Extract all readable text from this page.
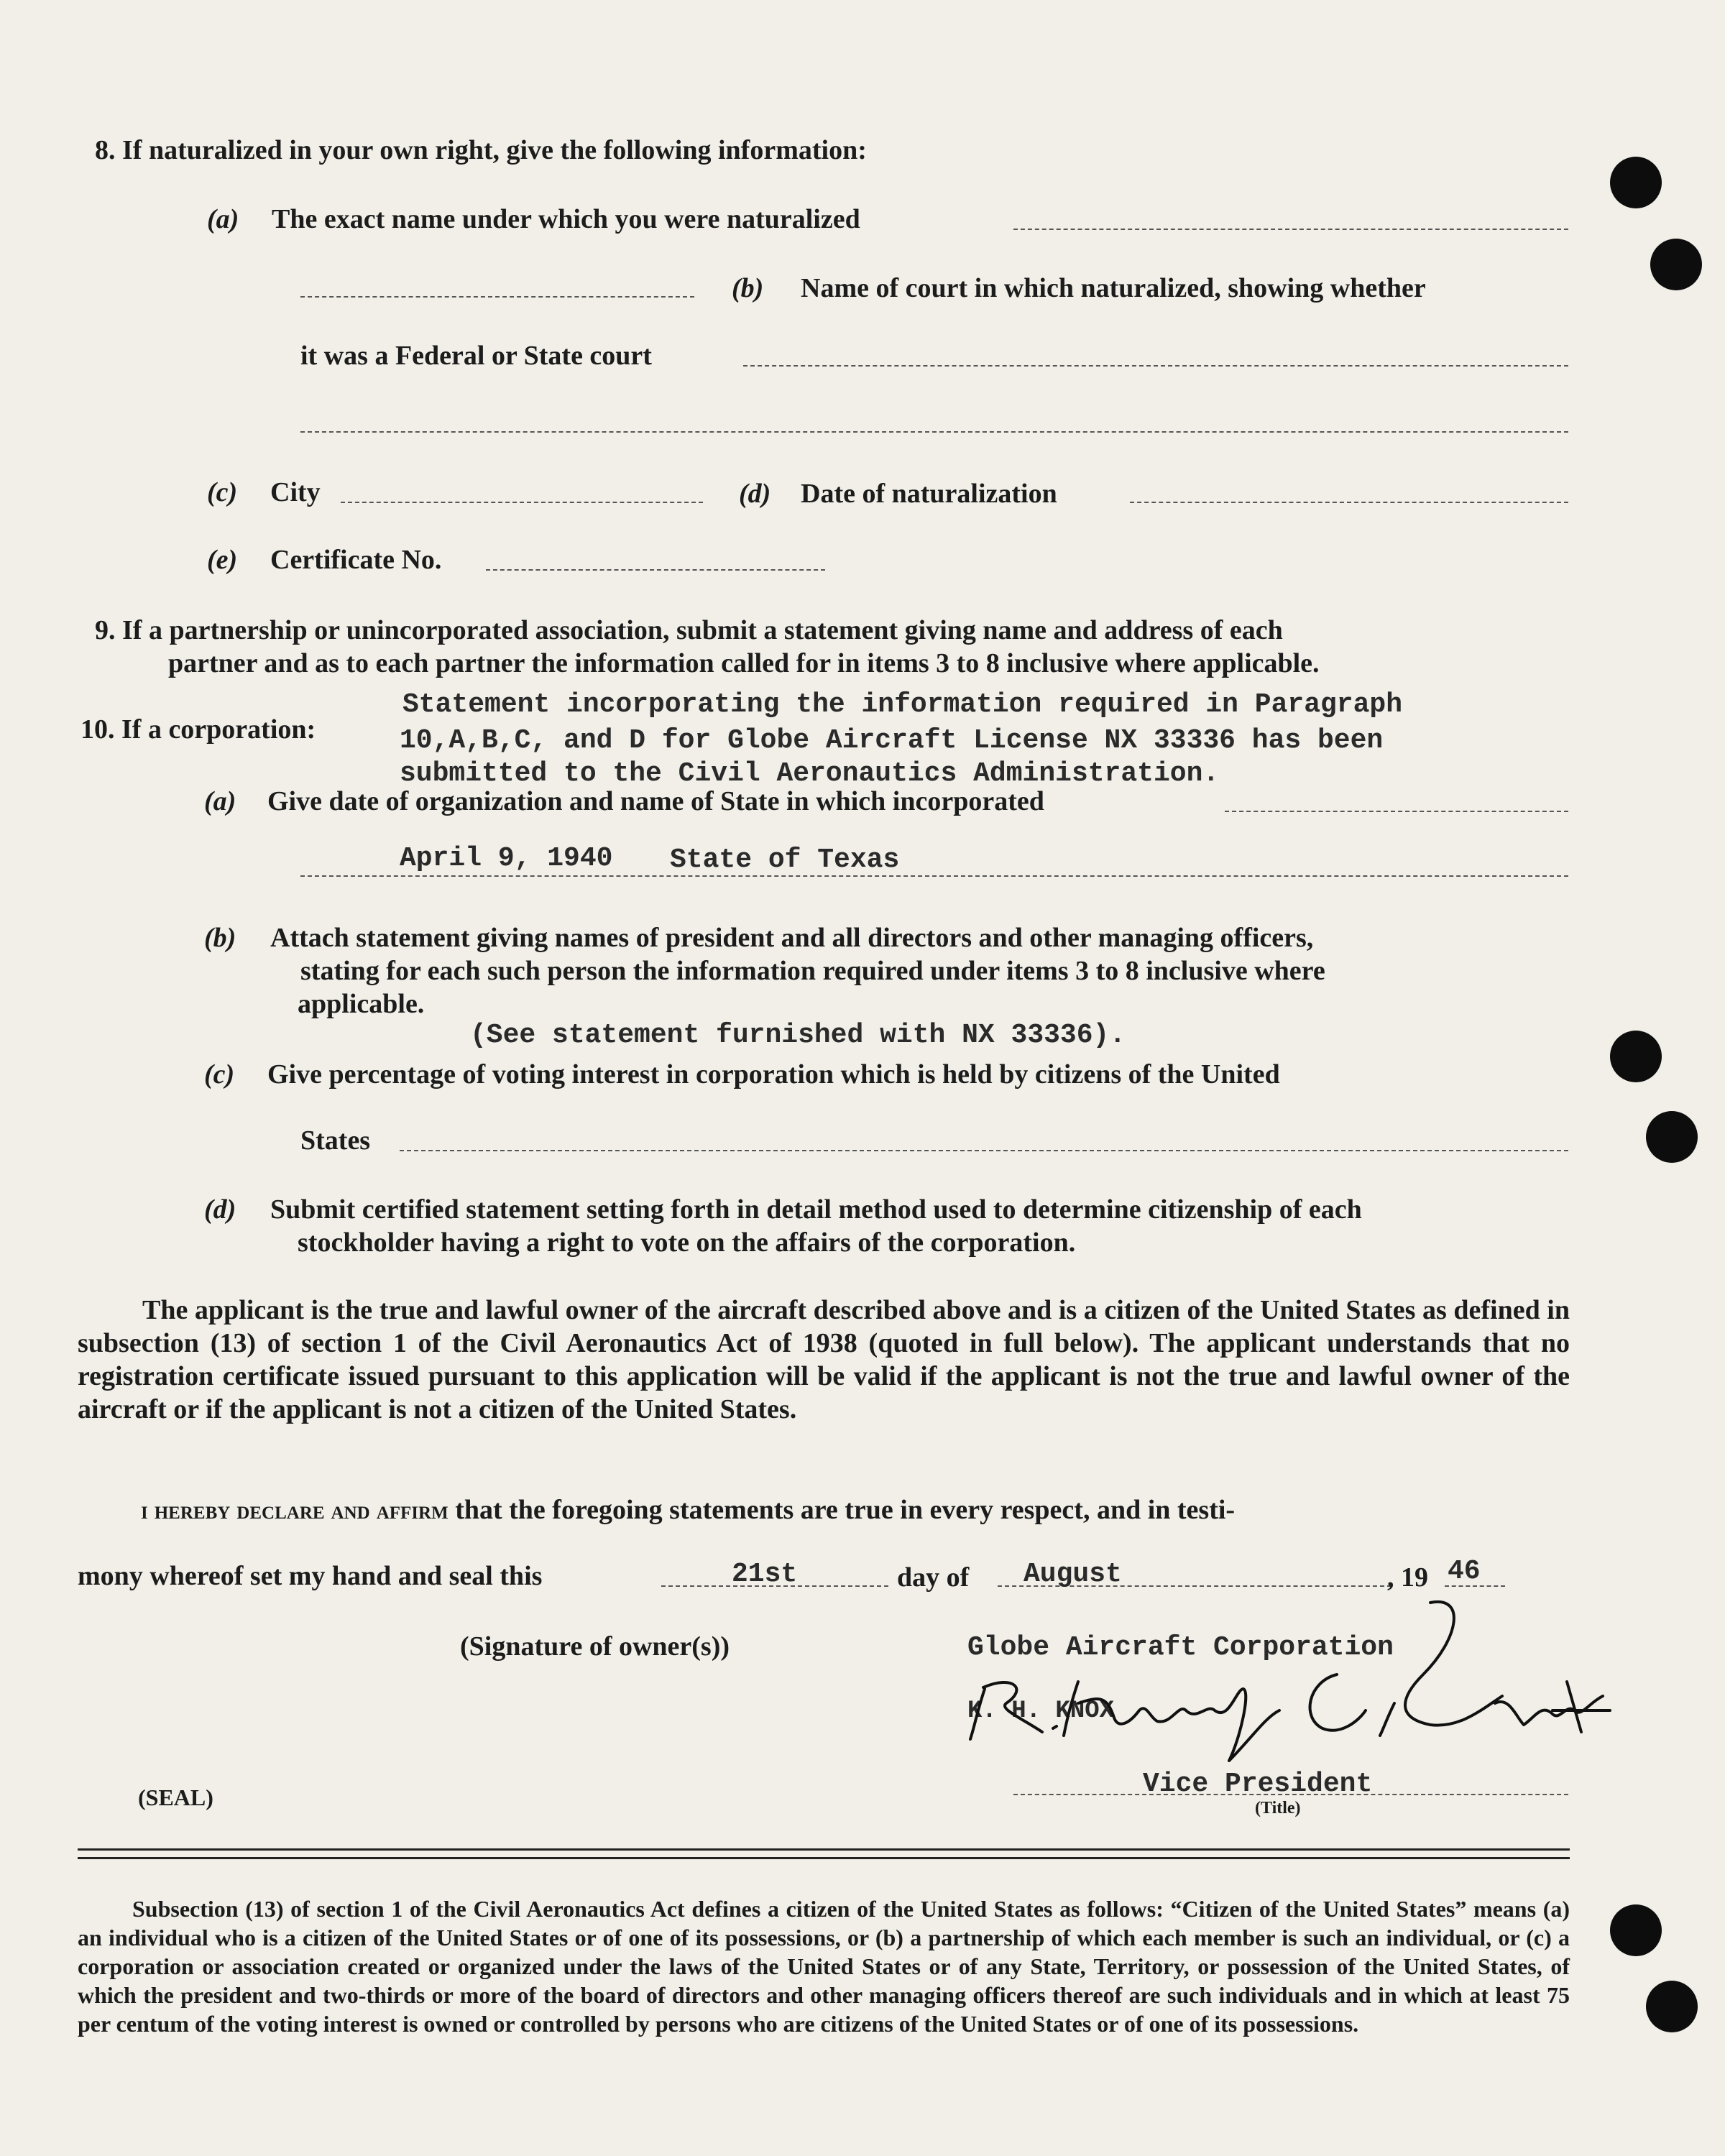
8. If naturalized in your own right, give the following information:
(a) The exact name under which you were naturalized
(b) Name of court in which naturalized, showing whether
it was a Federal or State court
(c) City	(d) Date of naturalization
(e) Certificate No.
9. If a partnership or unincorporated association, submit a statement giving name and address of each
partner and as to each partner the information called for in items 3 to 8 inclusive where applicable.
Statement incorporating the information required in Paragraph
10. If a corporation:	10,A,B,C, and D for Globe Aircraft License NX 33336 has been
submitted to the Civil Aeronautics Administration.
(a) Give date of organization and name of State in which incorporated
April 9, 1940 State of Texas
(b) Attach statement giving names of president and all directors and other managing officers,
stating for each such person the information required under items 3 to 8 inclusive where
applicable.
(See statement furnished with NX 33336).
(c) Give percentage of voting interest in corporation which is held by citizens of the United
States
(d) Submit certified statement setting forth in detail method used to determine citizenship of each
stockholder having a right to vote on the affairs of the corporation.
The applicant is the true and lawful owner of the aircraft described above and is a citizen of the United States as defined in subsection (13) of section 1 of the Civil Aeronautics Act of 1938 (quoted in full below). The applicant understands that no registration certificate issued pursuant to this application will be valid if the applicant is not the true and lawful owner of the aircraft or if the applicant is not a citizen of the United States.
i hereby declare and affirm that the foregoing statements are true in every respect, and in testi-
mony whereof set my hand and seal this	21st	day of August	, 19 46
(Signature of owner(s))	Globe Aircraft Corporation
K. H. KNOX
(SEAL)	Vice President
(Title)
Subsection (13) of section 1 of the Civil Aeronautics Act defines a citizen of the United States as follows: “Citizen of the United States” means (a) an individual who is a citizen of the United States or of one of its possessions, or (b) a partnership of which each member is such an individual, or (c) a corporation or association created or organized under the laws of the United States or of any State, Territory, or possession of the United States, of which the president and two-thirds or more of the board of directors and other managing officers thereof are such individuals and in which at least 75 per centum of the voting interest is owned or controlled by persons who are citizens of the United States or of one of its possessions.
